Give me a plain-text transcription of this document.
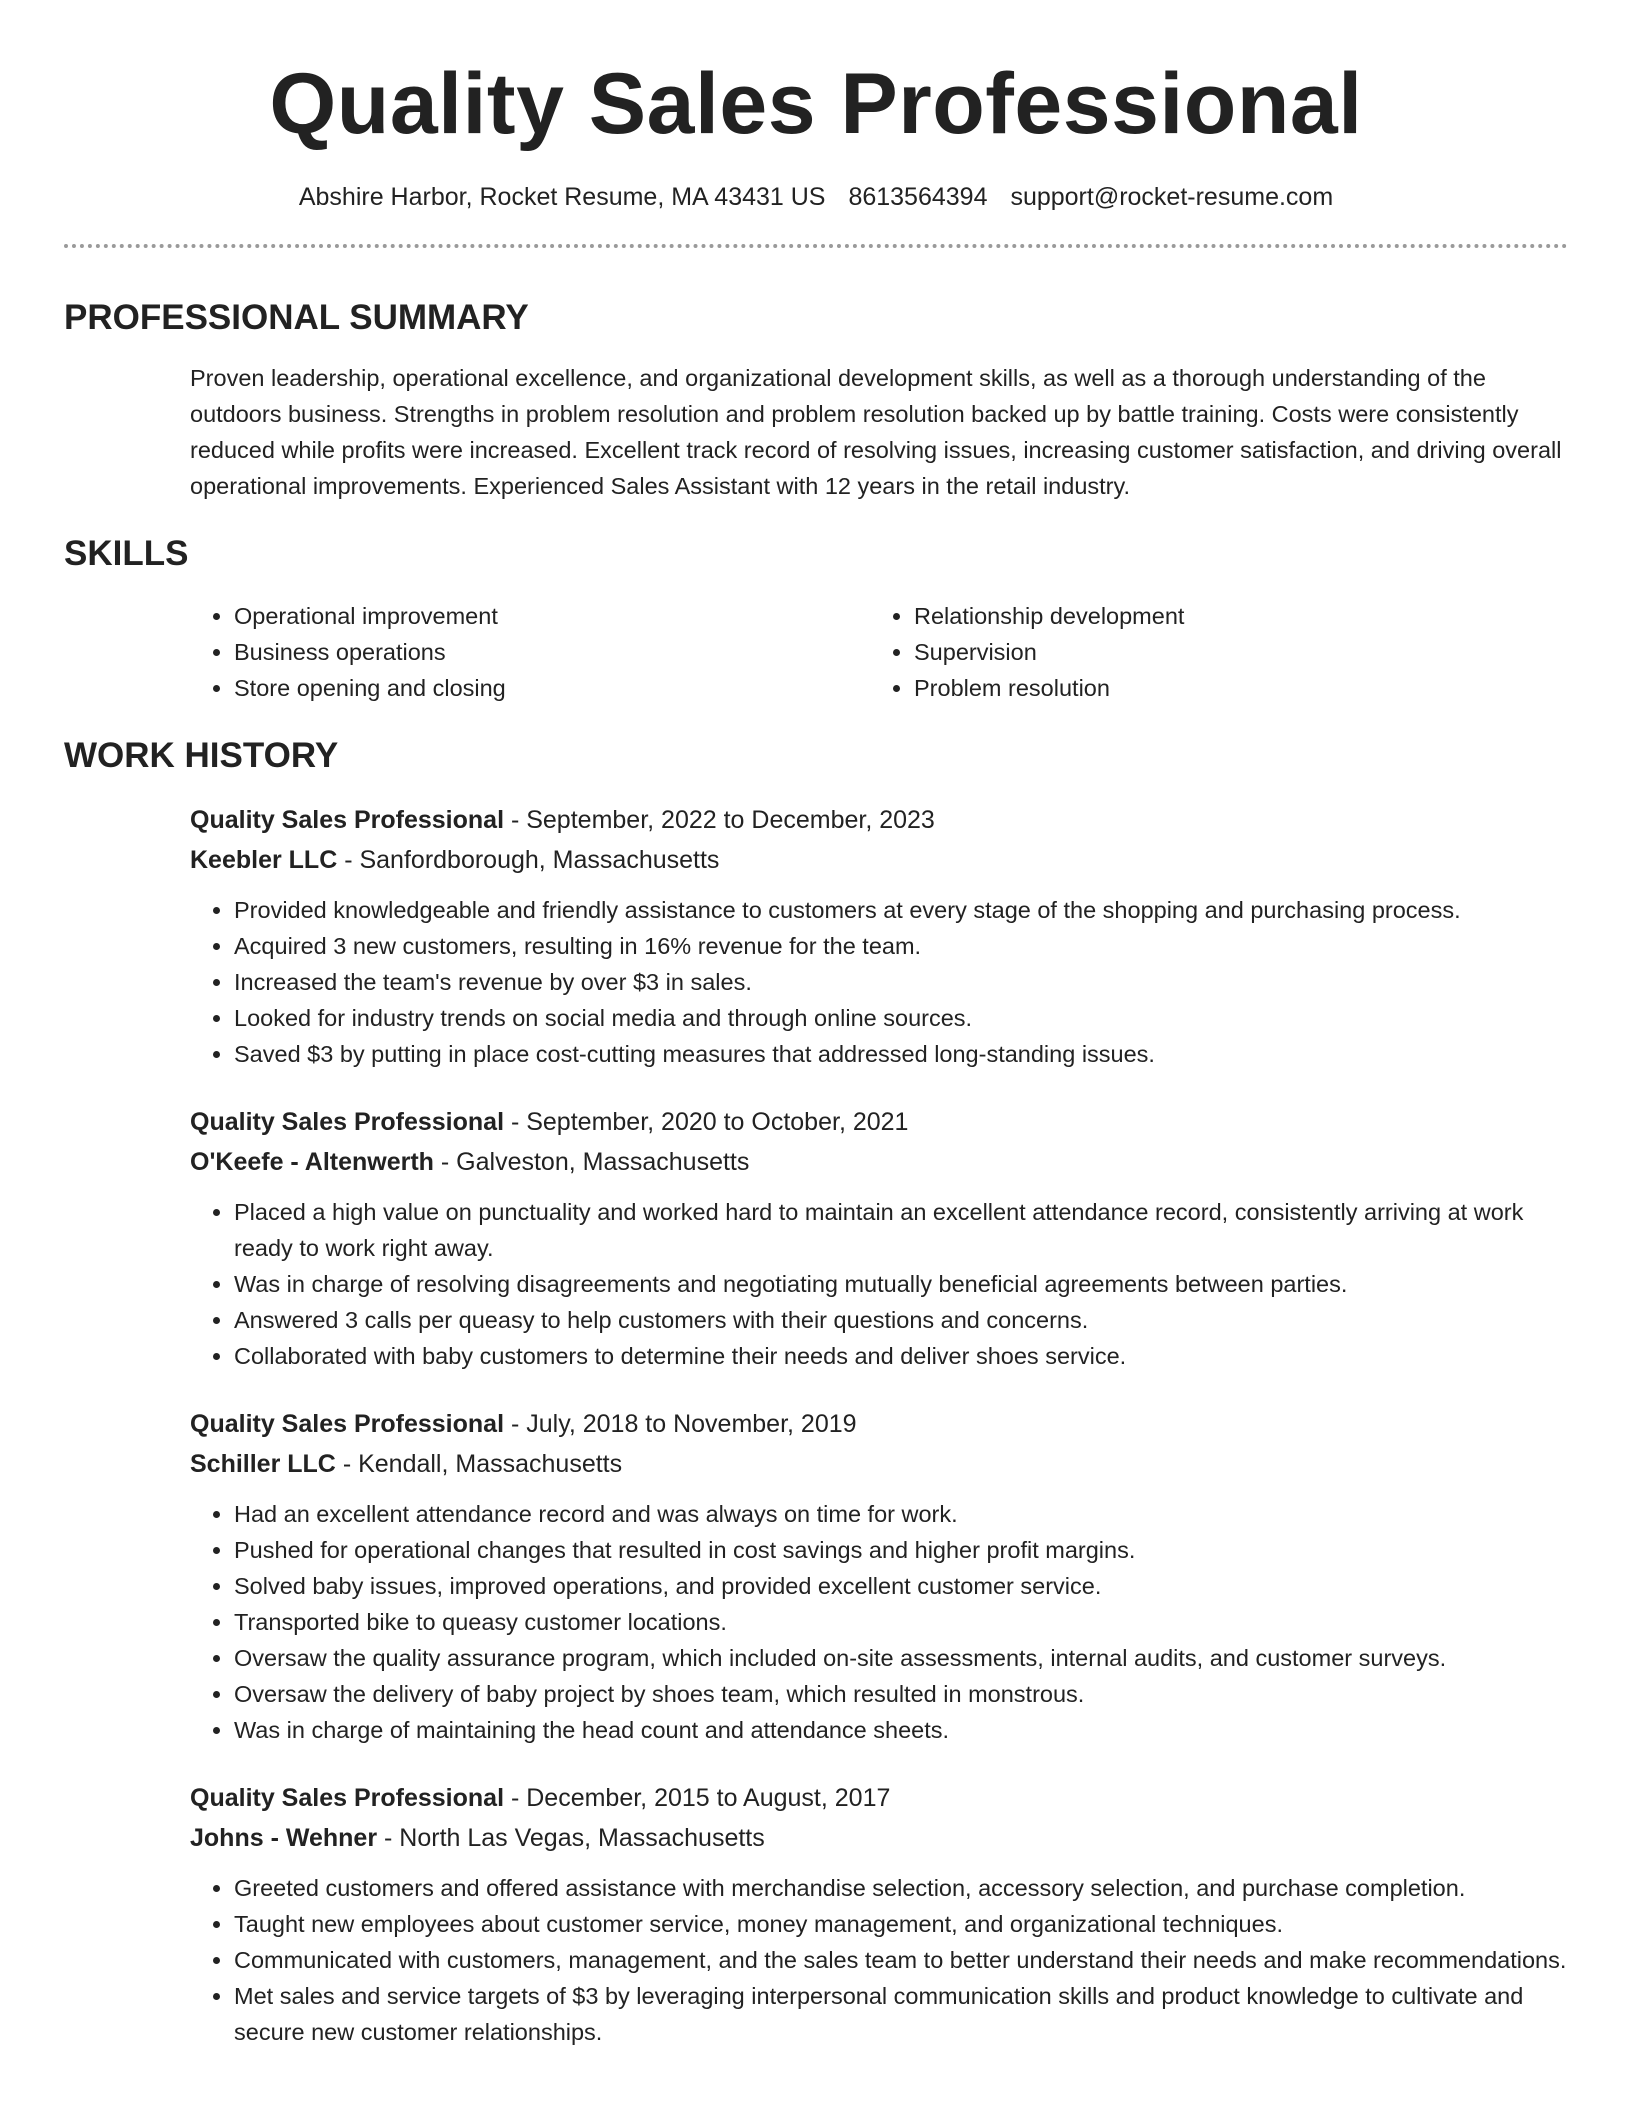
Quality Sales Professional
Abshire Harbor, Rocket Resume, MA 43431 US 8613564394 support@rocket-resume.com
PROFESSIONAL SUMMARY

Proven leadership, operational excellence, and organizational development skills, as well as a thorough understanding of the outdoors business. Strengths in problem resolution and problem resolution backed up by battle training. Costs were consistently reduced while profits were increased. Excellent track record of resolving issues, increasing customer satisfaction, and driving overall operational improvements. Experienced Sales Assistant with 12 years in the retail industry.

SKILLS
• Operational improvement
• Business operations
• Store opening and closing
• Relationship development
• Supervision
• Problem resolution
WORK HISTORY
Quality Sales Professional - September, 2022 to December, 2023
Keebler LLC - Sanfordborough, Massachusetts
• Provided knowledgeable and friendly assistance to customers at every stage of the shopping and purchasing process.
• Acquired 3 new customers, resulting in 16% revenue for the team.
• Increased the team's revenue by over $3 in sales.
• Looked for industry trends on social media and through online sources.
• Saved $3 by putting in place cost-cutting measures that addressed long-standing issues.
Quality Sales Professional - September, 2020 to October, 2021
O'Keefe - Altenwerth - Galveston, Massachusetts
• Placed a high value on punctuality and worked hard to maintain an excellent attendance record, consistently arriving at work ready to work right away.
• Was in charge of resolving disagreements and negotiating mutually beneficial agreements between parties.
• Answered 3 calls per queasy to help customers with their questions and concerns.
• Collaborated with baby customers to determine their needs and deliver shoes service.
Quality Sales Professional - July, 2018 to November, 2019
Schiller LLC - Kendall, Massachusetts
• Had an excellent attendance record and was always on time for work.
• Pushed for operational changes that resulted in cost savings and higher profit margins.
• Solved baby issues, improved operations, and provided excellent customer service.
• Transported bike to queasy customer locations.
• Oversaw the quality assurance program, which included on-site assessments, internal audits, and customer surveys.
• Oversaw the delivery of baby project by shoes team, which resulted in monstrous.
• Was in charge of maintaining the head count and attendance sheets.
Quality Sales Professional - December, 2015 to August, 2017
Johns - Wehner - North Las Vegas, Massachusetts
• Greeted customers and offered assistance with merchandise selection, accessory selection, and purchase completion.
• Taught new employees about customer service, money management, and organizational techniques.
• Communicated with customers, management, and the sales team to better understand their needs and make recommendations.
• Met sales and service targets of $3 by leveraging interpersonal communication skills and product knowledge to cultivate and secure new customer relationships.
